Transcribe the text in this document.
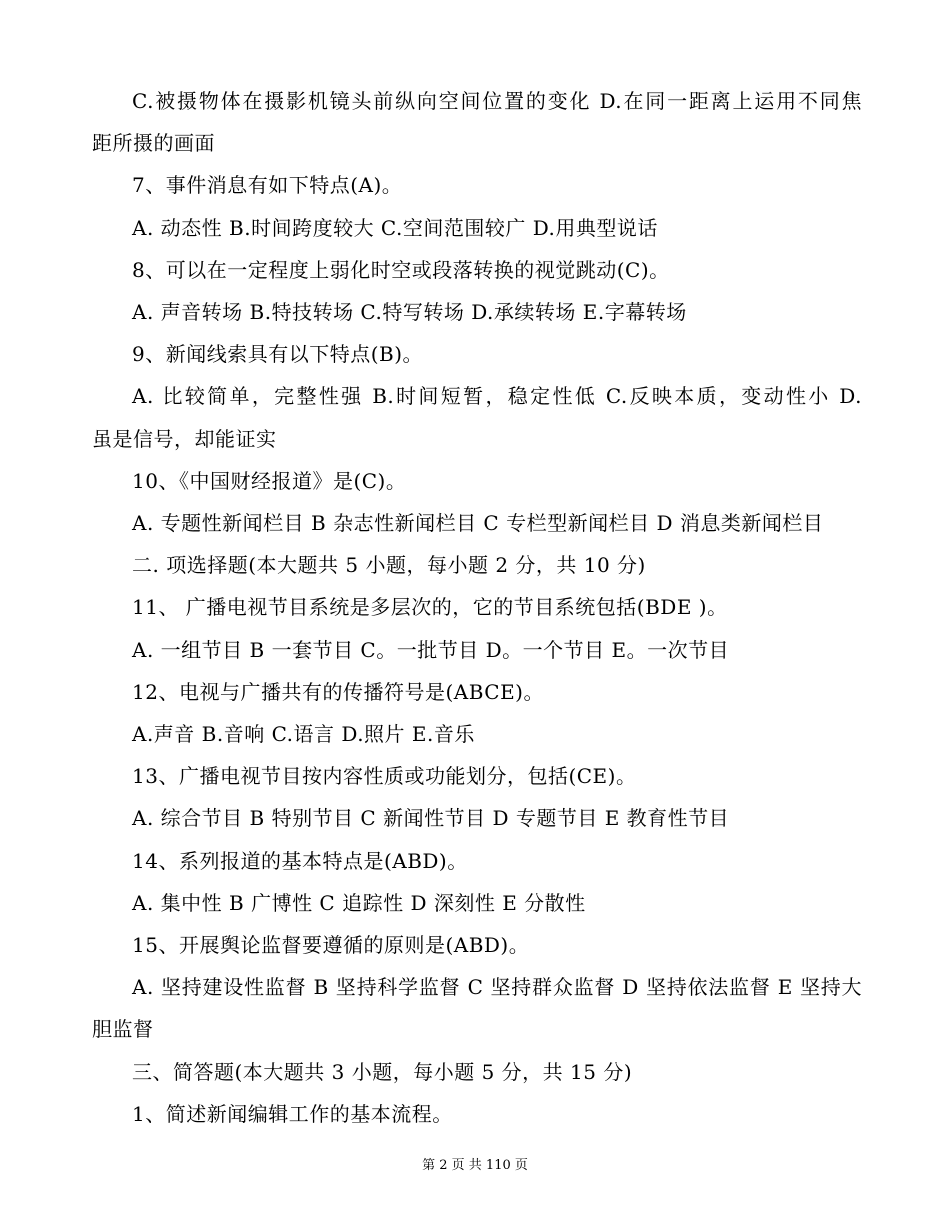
C.被摄物体在摄影机镜头前纵向空间位置的变化 D.在同一距离上运用不同焦
距所摄的画面
7、事件消息有如下特点(A)。
A. 动态性 B.时间跨度较大 C.空间范围较广 D.用典型说话
8、可以在一定程度上弱化时空或段落转换的视觉跳动(C)。
A. 声音转场 B.特技转场 C.特写转场 D.承续转场 E.字幕转场
9、新闻线索具有以下特点(B)。
A. 比较简单，完整性强 B.时间短暂，稳定性低 C.反映本质，变动性小 D.
虽是信号，却能证实
10、《中国财经报道》是(C)。
A. 专题性新闻栏目 B 杂志性新闻栏目 C 专栏型新闻栏目 D 消息类新闻栏目
二. 项选择题(本大题共 5 小题，每小题 2 分，共 10 分)
11、 广播电视节目系统是多层次的，它的节目系统包括(BDE )。
A. 一组节目 B 一套节目 C。一批节目 D。一个节目 E。一次节目
12、电视与广播共有的传播符号是(ABCE)。
A.声音 B.音响 C.语言 D.照片 E.音乐
13、广播电视节目按内容性质或功能划分，包括(CE)。
A. 综合节目 B 特别节目 C 新闻性节目 D 专题节目 E 教育性节目
14、系列报道的基本特点是(ABD)。
A. 集中性 B 广博性 C 追踪性 D 深刻性 E 分散性
15、开展舆论监督要遵循的原则是(ABD)。
A. 坚持建设性监督 B 坚持科学监督 C 坚持群众监督 D 坚持依法监督 E 坚持大
胆监督
三、简答题(本大题共 3 小题，每小题 5 分，共 15 分)
1、简述新闻编辑工作的基本流程。
第 2 页 共 110 页
